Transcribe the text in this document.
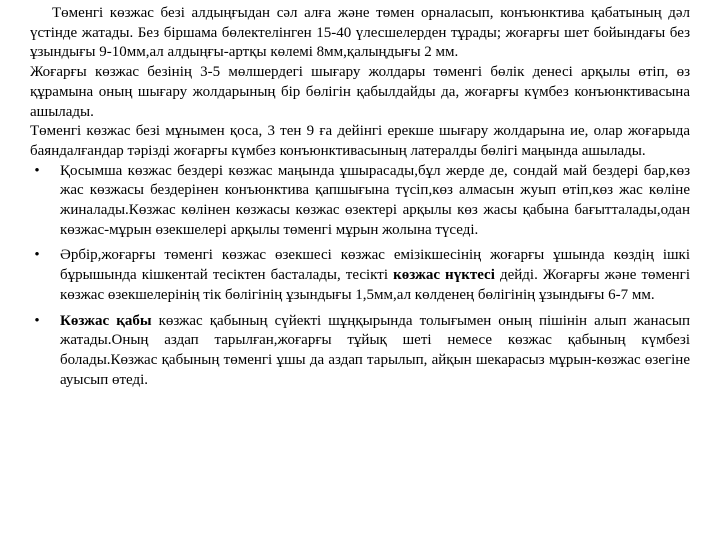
Төменгі көзжас безі алдыңғыдан сәл алға және төмен орналасып, конъюнктива қабатының дәл үстінде жатады. Без біршама бөлектелінген 15-40 үлесшелерден тұрады; жоғарғы шет бойындағы без ұзындығы 9-10мм,ал алдыңғы-артқы көлемі 8мм,қалыңдығы 2 мм.

Жоғарғы көзжас безінің 3-5 мөлшердегі шығару жолдары төменгі бөлік денесі арқылы өтіп, өз құрамына оның шығару жолдарының бір бөлігін қабылдайды да, жоғарғы күмбез конъюнктивасына ашылады.

Төменгі көзжас безі мұнымен қоса, 3 тен 9 ға дейінгі ерекше шығару жолдарына ие, олар жоғарыда баяндалғандар тәрізді жоғарғы күмбез конъюнктивасының латералды бөлігі маңында ашылады.

• Қосымша көзжас бездері көзжас маңында ұшырасады,бұл жерде де, сондай май бездері бар,көз жас көзжасы бездерінен конъюнктива қапшығына түсіп,көз алмасын жуып өтіп,көз жас көліне жиналады.Көзжас көлінен көзжасы көзжас өзектері арқылы көз жасы қабына бағытталады,одан көзжас-мұрын өзекшелері арқылы төменгі мұрын жолына түседі.
• Әрбір,жоғарғы төменгі көзжас өзекшесі көзжас емізікшесінің жоғарғы ұшында көздің ішкі бұрышында кішкентай тесіктен басталады, тесікті көзжас нүктесі дейді. Жоғарғы және төменгі көзжас өзекшелерінің тік бөлігінің ұзындығы 1,5мм,ал көлденең бөлігінің ұзындығы 6-7 мм.
• Көзжас қабы көзжас қабының сүйекті шұңқырында толығымен оның пішінін алып жанасып жатады.Оның аздап тарылған,жоғарғы тұйық шеті немесе көзжас қабының күмбезі болады.Көзжас қабының төменгі ұшы да аздап тарылып, айқын шекарасыз мұрын-көзжас өзегіне ауысып өтеді.
